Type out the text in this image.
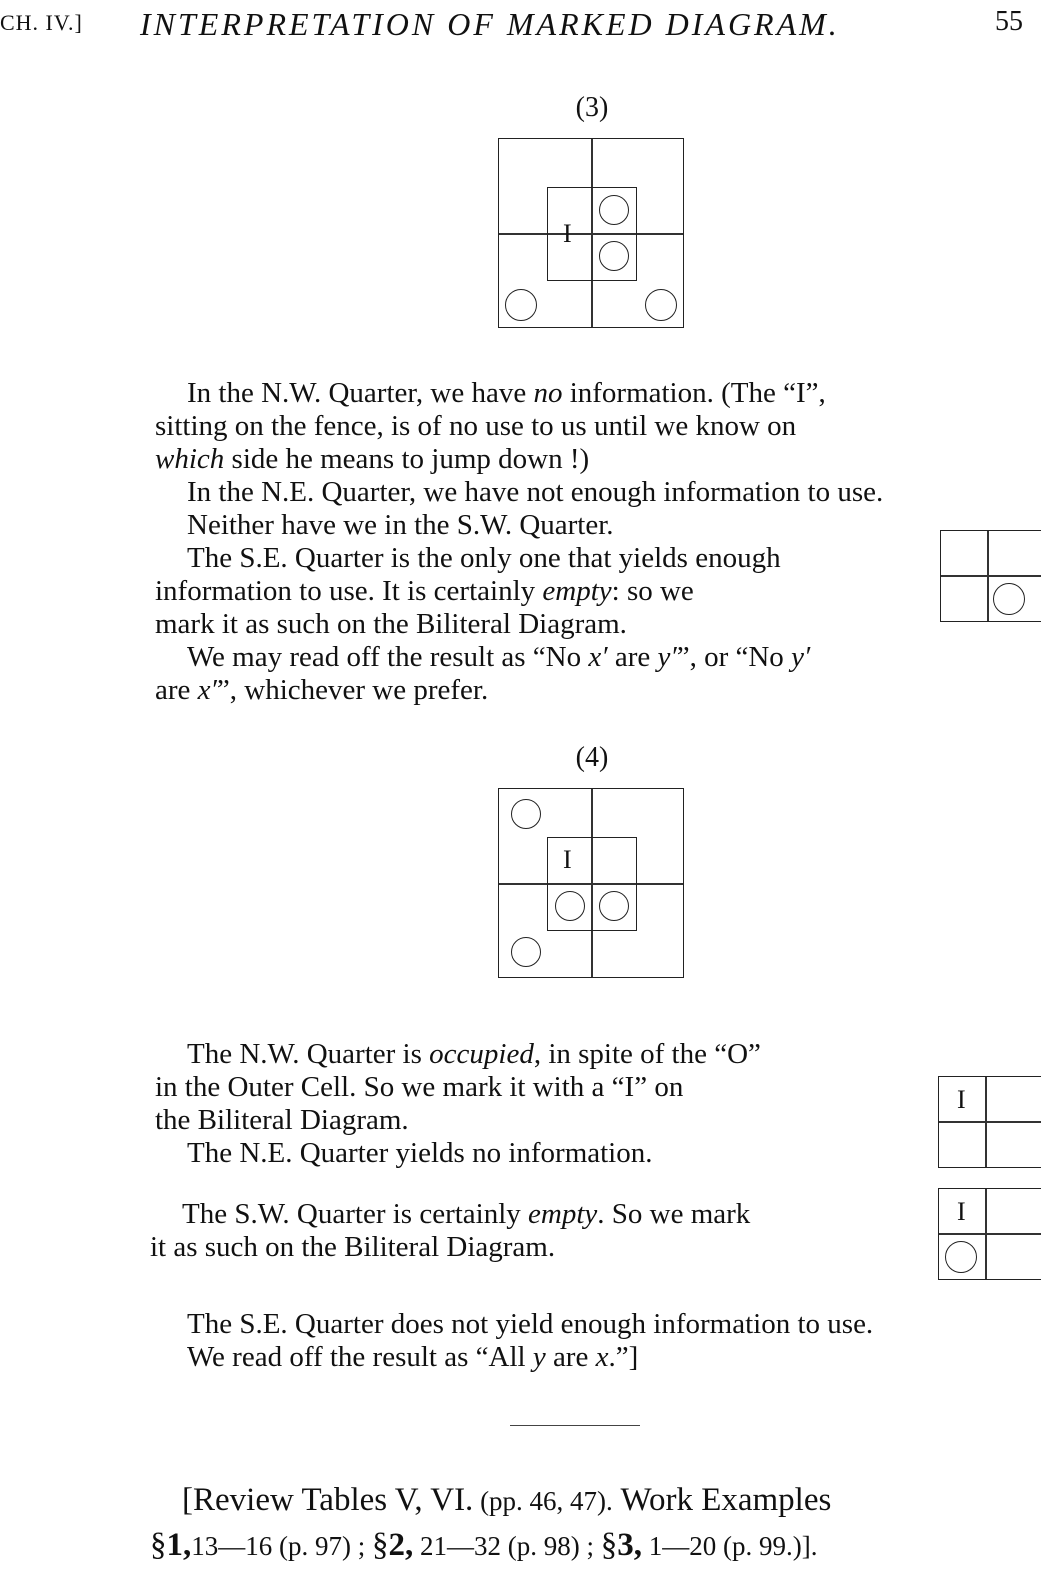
CH. IV.] INTERPRETATION OF MARKED DIAGRAM.	55
(3)
I
In the N.W. Quarter, we have no information. (The “I”,
sitting on the fence, is of no use to us until we know on
which side he means to jump down !)
In the N.E. Quarter, we have not enough information to use.
Neither have we in the S.W. Quarter.
The S.E. Quarter is the only one that yields enough
information to use. It is certainly empty: so we
mark it as such on the Biliteral Diagram.
We may read off the result as “No x′ are y′”, or “No y′
are x′”, whichever we prefer.
(4)
I
The N.W. Quarter is occupied, in spite of the “O”
in the Outer Cell. So we mark it with a “I” on
the Biliteral Diagram.
The N.E. Quarter yields no information.
I
The S.W. Quarter is certainly empty. So we mark
it as such on the Biliteral Diagram.
I
The S.E. Quarter does not yield enough information to use.
We read off the result as “All y are x.”]
[Review Tables V, VI. (pp. 46, 47). Work Examples
§1,13—16 (p. 97) ; §2, 21—32 (p. 98) ; §3, 1—20 (p. 99.)].
